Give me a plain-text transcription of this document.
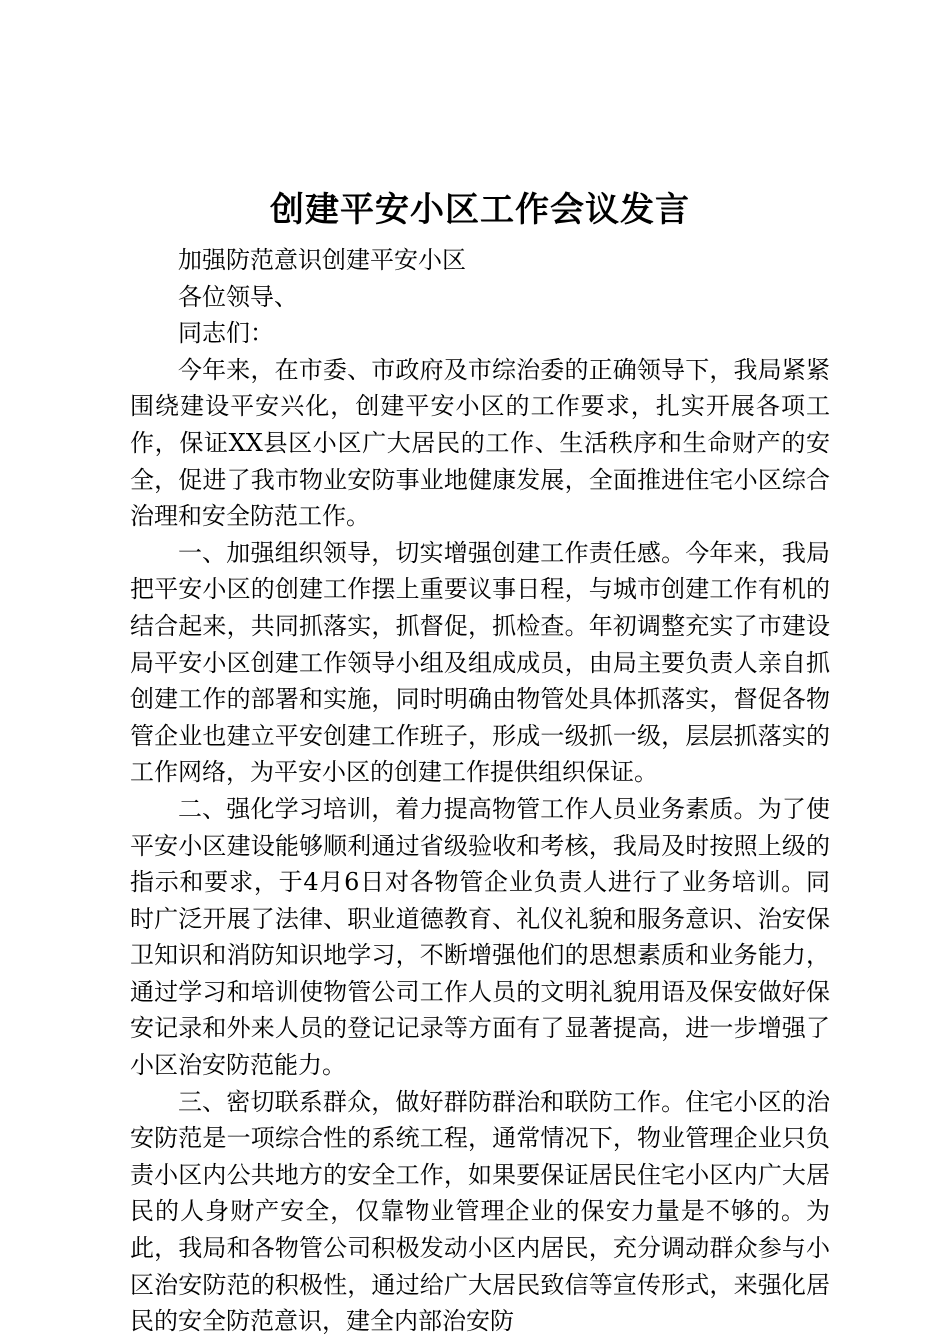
创建平安小区工作会议发言

加强防范意识创建平安小区

各位领导、

同志们：

今年来，在市委、市政府及市综治委的正确领导下，我局紧紧围绕建设平安兴化，创建平安小区的工作要求，扎实开展各项工作，保证XX县区小区广大居民的工作、生活秩序和生命财产的安全，促进了我市物业安防事业地健康发展，全面推进住宅小区综合治理和安全防范工作。

一、加强组织领导，切实增强创建工作责任感。今年来，我局把平安小区的创建工作摆上重要议事日程，与城市创建工作有机的结合起来，共同抓落实，抓督促，抓检查。年初调整充实了市建设局平安小区创建工作领导小组及组成成员，由局主要负责人亲自抓创建工作的部署和实施，同时明确由物管处具体抓落实，督促各物管企业也建立平安创建工作班子，形成一级抓一级，层层抓落实的工作网络，为平安小区的创建工作提供组织保证。

二、强化学习培训，着力提高物管工作人员业务素质。为了使平安小区建设能够顺利通过省级验收和考核，我局及时按照上级的指示和要求，于4月6日对各物管企业负责人进行了业务培训。同时广泛开展了法律、职业道德教育、礼仪礼貌和服务意识、治安保卫知识和消防知识地学习，不断增强他们的思想素质和业务能力，通过学习和培训使物管公司工作人员的文明礼貌用语及保安做好保安记录和外来人员的登记记录等方面有了显著提高，进一步增强了小区治安防范能力。

三、密切联系群众，做好群防群治和联防工作。住宅小区的治安防范是一项综合性的系统工程，通常情况下，物业管理企业只负责小区内公共地方的安全工作，如果要保证居民住宅小区内广大居民的人身财产安全，仅靠物业管理企业的保安力量是不够的。为此，我局和各物管公司积极发动小区内居民，充分调动群众参与小区治安防范的积极性，通过给广大居民致信等宣传形式，来强化居民的安全防范意识，建全内部治安防
